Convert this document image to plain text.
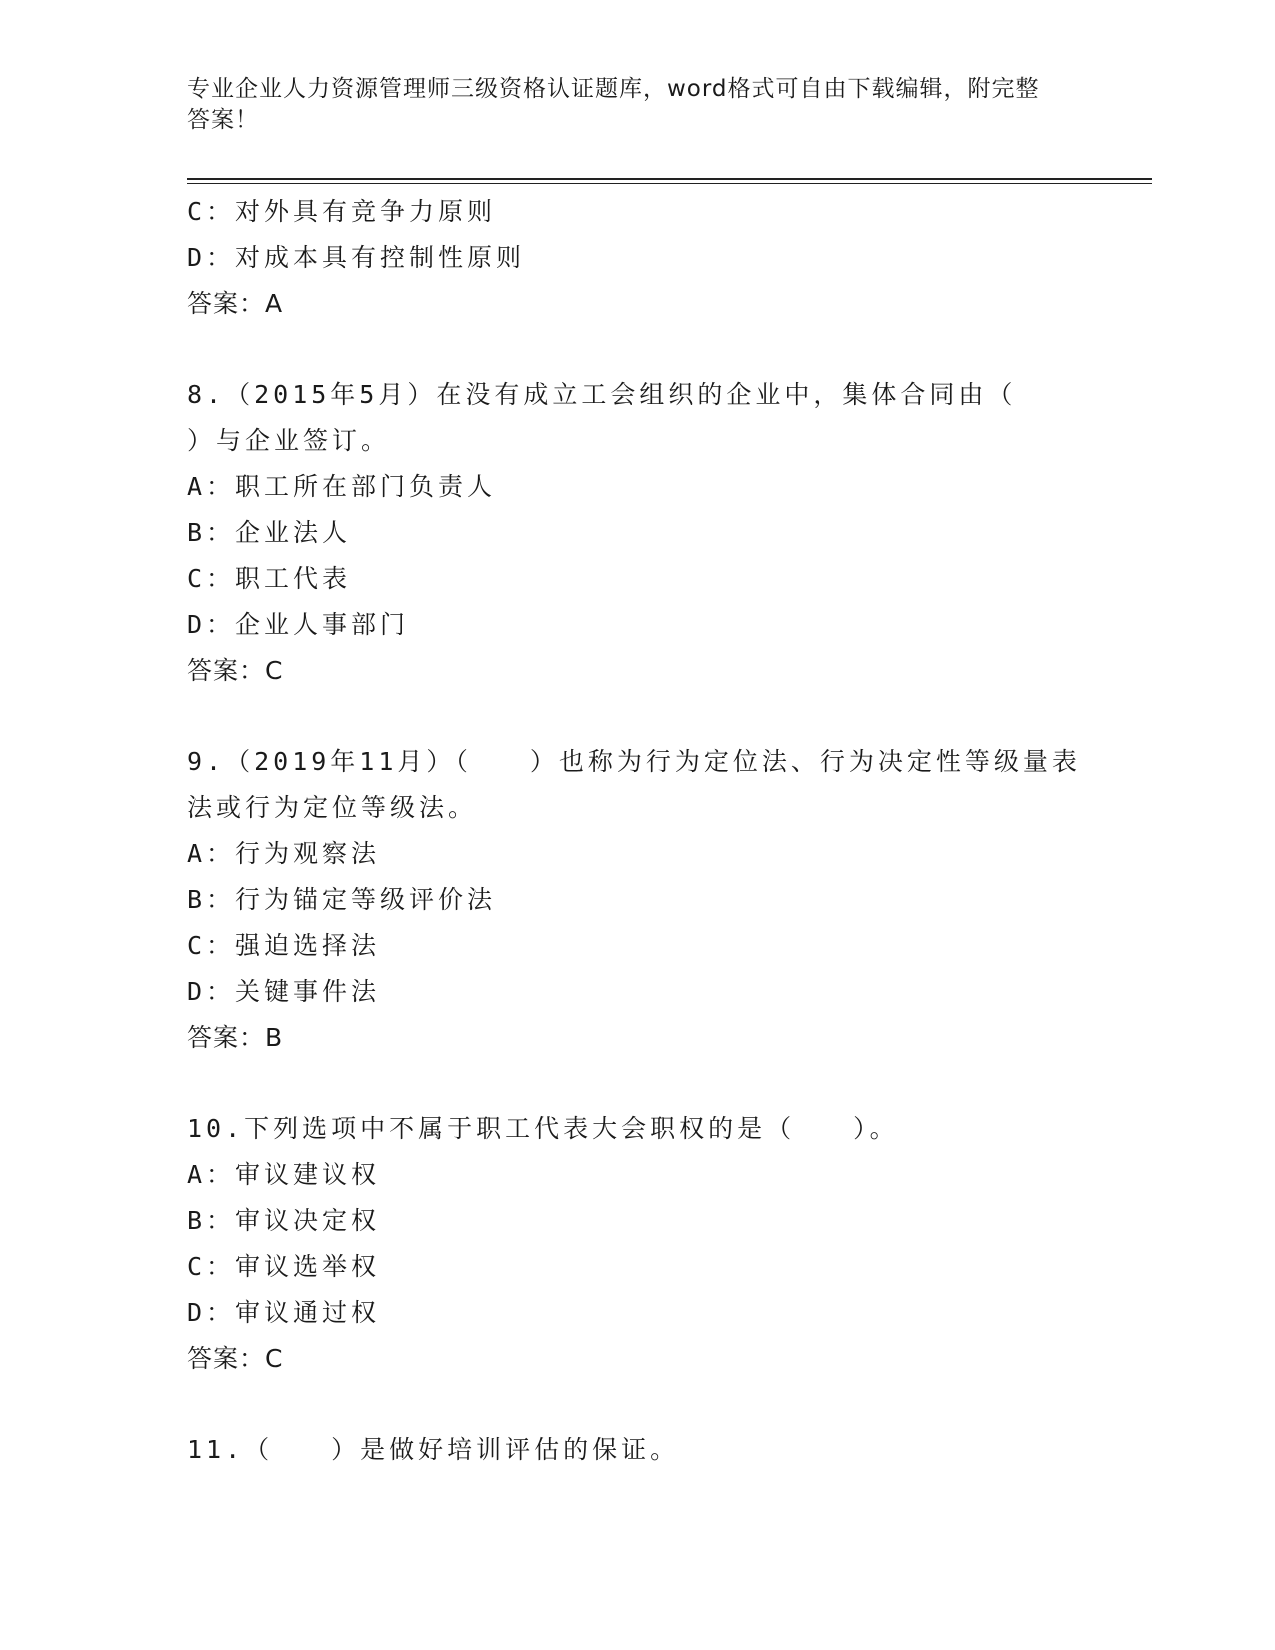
专业企业人力资源管理师三级资格认证题库，word格式可自由下载编辑，附完整
答案！
C：对外具有竞争力原则
D：对成本具有控制性原则
答案：A
8.（2015年5月）在没有成立工会组织的企业中，集体合同由（
）与企业签订。
A：职工所在部门负责人
B：企业法人
C：职工代表
D：企业人事部门
答案：C
9.（2019年11月）（　　）也称为行为定位法、行为决定性等级量表
法或行为定位等级法。
A：行为观察法
B：行为锚定等级评价法
C：强迫选择法
D：关键事件法
答案：B
10.下列选项中不属于职工代表大会职权的是（　　）。
A：审议建议权
B：审议决定权
C：审议选举权
D：审议通过权
答案：C
11.（　　）是做好培训评估的保证。
